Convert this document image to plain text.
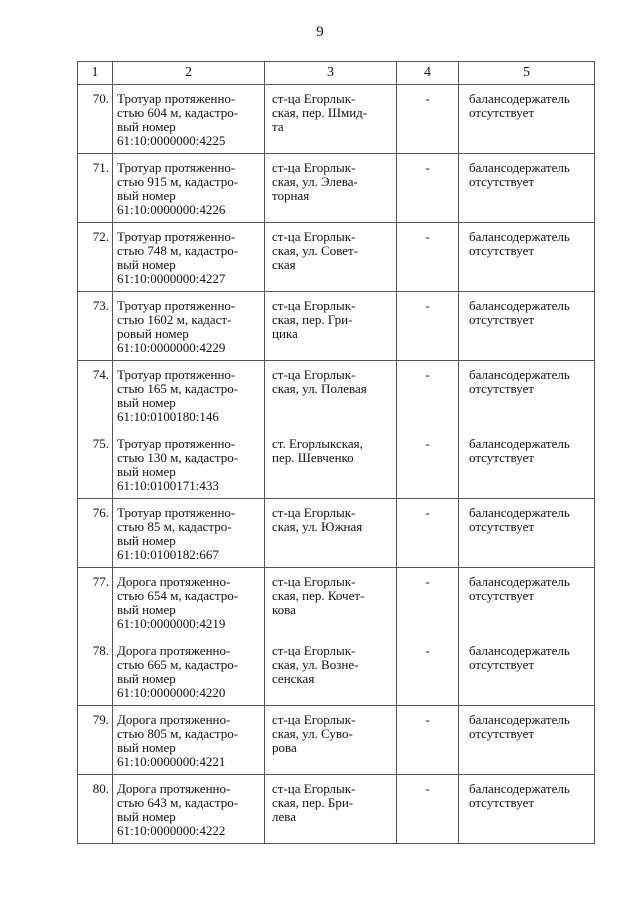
9
1	2	3	4	5
70.	Тротуар протяженно-
стью 604 м, кадастро-
вый номер
61:10:0000000:4225	ст-ца Егорлык-
ская, пер. Шмид-
та	-	балансодержатель
отсутствует

71.	Тротуар протяженно-
стью 915 м, кадастро-
вый номер
61:10:0000000:4226	ст-ца Егорлык-
ская, ул. Элева-
торная	-	балансодержатель
отсутствует

72.	Тротуар протяженно-
стью 748 м, кадастро-
вый номер
61:10:0000000:4227	ст-ца Егорлык-
ская, ул. Совет-
ская	-	балансодержатель
отсутствует

73.	Тротуар протяженно-
стью 1602 м, кадаст-
ровый номер
61:10:0000000:4229	ст-ца Егорлык-
ская, пер. Гри-
цика	-	балансодержатель
отсутствует

74.	Тротуар протяженно-
стью 165 м, кадастро-
вый номер
61:10:0100180:146	ст-ца Егорлык-
ская, ул. Полевая	-	балансодержатель
отсутствует

75.	Тротуар протяженно-
стью 130 м, кадастро-
вый номер
61:10:0100171:433	ст. Егорлыкская,
пер. Шевченко	-	балансодержатель
отсутствует

76.	Тротуар протяженно-
стью 85 м, кадастро-
вый номер
61:10:0100182:667	ст-ца Егорлык-
ская, ул. Южная	-	балансодержатель
отсутствует

77.	Дорога протяженно-
стью 654 м, кадастро-
вый номер
61:10:0000000:4219	ст-ца Егорлык-
ская, пер. Кочет-
кова	-	балансодержатель
отсутствует

78.	Дорога протяженно-
стью 665 м, кадастро-
вый номер
61:10:0000000:4220	ст-ца Егорлык-
ская, ул. Возне-
сенская	-	балансодержатель
отсутствует

79.	Дорога протяженно-
стью 805 м, кадастро-
вый номер
61:10:0000000:4221	ст-ца Егорлык-
ская, ул. Суво-
рова	-	балансодержатель
отсутствует

80.	Дорога протяженно-
стью 643 м, кадастро-
вый номер
61:10:0000000:4222	ст-ца Егорлык-
ская, пер. Бри-
лева	-	балансодержатель
отсутствует
